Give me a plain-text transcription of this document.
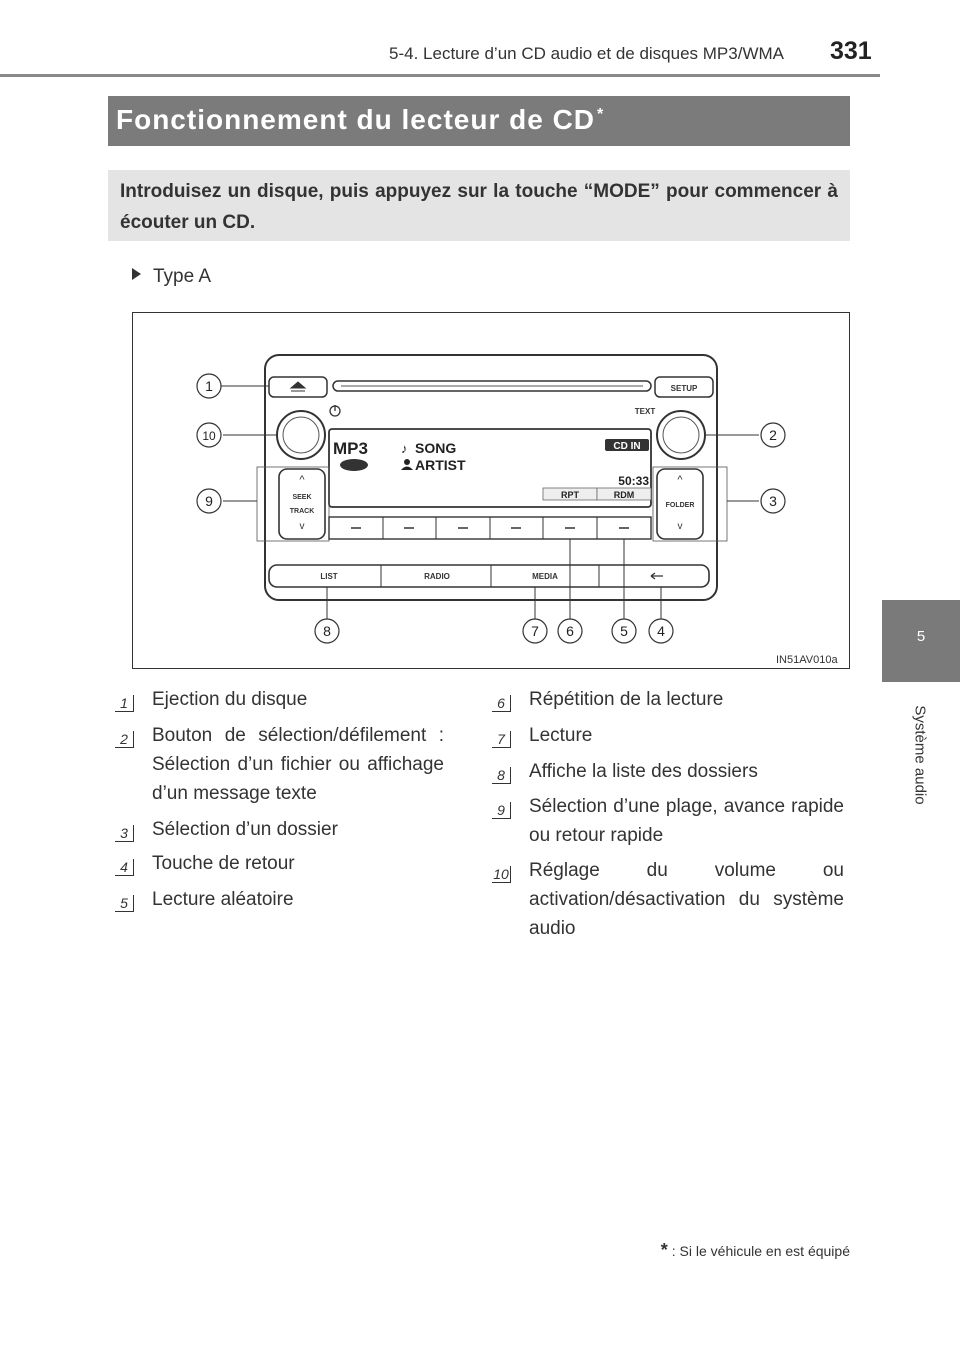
5-4. Lecture d’un CD audio et de disques MP3/WMA 331
5
Système audio
Fonctionnement du lecteur de CD *
Introduisez un disque, puis appuyez sur la touche “MODE” pour commencer à écouter un CD.
Type A
SETUP
TEXT
MP3	♪ SONG
ARTIST
CD IN
50:33
RPT	RDM
^
SEEK
TRACK
v
^
FOLDER
v
LIST	RADIO	MEDIA
1
10
9
2
3
8	7 6	5 4
IN51AV010a
1	Ejection du disque
2	Bouton de sélection/défilement : Sélection d’un fichier ou affichage d’un message texte
3	Sélection d’un dossier
4	Touche de retour
5	Lecture aléatoire
6	Répétition de la lecture
7	Lecture
8	Affiche la liste des dossiers
9	Sélection d’une plage, avance rapide ou retour rapide
10 Réglage du volume ou activation/désactivation du système audio
* : Si le véhicule en est équipé
